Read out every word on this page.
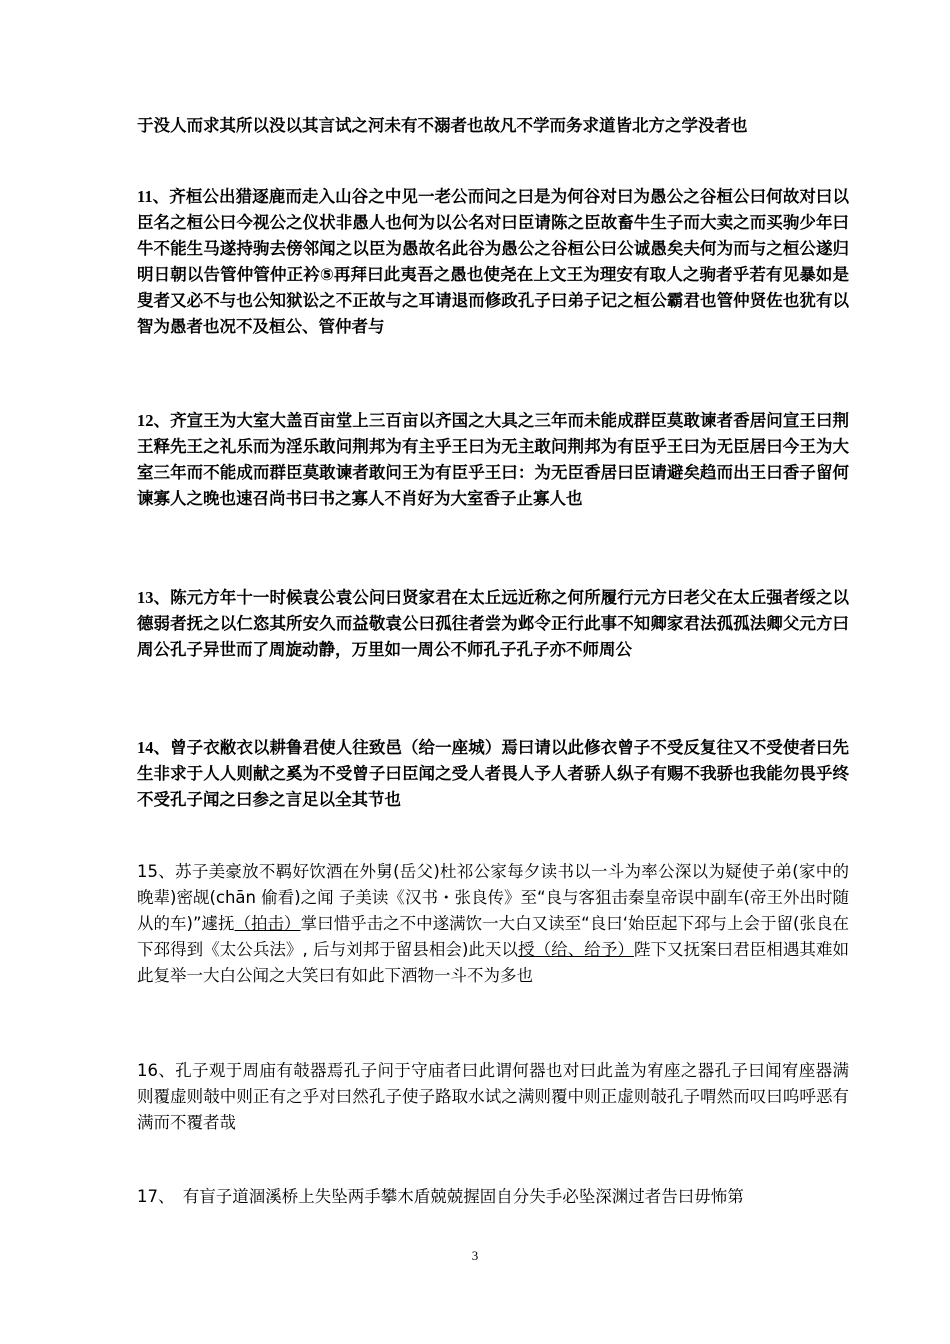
于没人而求其所以没以其言试之河未有不溺者也故凡不学而务求道皆北方之学没者也

11、齐桓公出猎逐鹿而走入山谷之中见一老公而问之曰是为何谷对曰为愚公之谷桓公曰何故对曰以臣名之桓公曰今视公之仪状非愚人也何为以公名对曰臣请陈之臣故畜牛生子而大卖之而买驹少年曰牛不能生马遂持驹去傍邻闻之以臣为愚故名此谷为愚公之谷桓公曰公诚愚矣夫何为而与之桓公遂归明日朝以告管仲管仲正衿⑤再拜曰此夷吾之愚也使尧在上文王为理安有取人之驹者乎若有见暴如是叟者又必不与也公知狱讼之不正故与之耳请退而修政孔子曰弟子记之桓公霸君也管仲贤佐也犹有以智为愚者也况不及桓公、管仲者与

12、齐宣王为大室大盖百亩堂上三百亩以齐国之大具之三年而未能成群臣莫敢谏者香居问宣王曰荆王释先王之礼乐而为淫乐敢问荆邦为有主乎王曰为无主敢问荆邦为有臣乎王曰为无臣居曰今王为大室三年而不能成而群臣莫敢谏者敢问王为有臣乎王曰：为无臣香居曰臣请避矣趋而出王曰香子留何谏寡人之晚也速召尚书曰书之寡人不肖好为大室香子止寡人也

13、陈元方年十一时候袁公袁公问曰贤家君在太丘远近称之何所履行元方曰老父在太丘强者绥之以德弱者抚之以仁恣其所安久而益敬袁公曰孤往者尝为邺令正行此事不知卿家君法孤孤法卿父元方曰周公孔子异世而了周旋动静，万里如一周公不师孔子孔子亦不师周公

14、曾子衣敝衣以耕鲁君使人往致邑（给一座城）焉曰请以此修衣曾子不受反复往又不受使者曰先生非求于人人则献之奚为不受曾子曰臣闻之受人者畏人予人者骄人纵子有赐不我骄也我能勿畏乎终不受孔子闻之曰参之言足以全其节也

15、苏子美豪放不羁好饮酒在外舅(岳父)杜祁公家每夕读书以一斗为率公深以为疑使子弟(家中的晚辈)密觇(chān 偷看)之闻 子美读《汉书・张良传》至“良与客狙击秦皇帝误中副车(帝王外出时随从的车)”遽抚（拍击）掌曰惜乎击之不中遂满饮一大白又读至“良曰‘始臣起下邳与上会于留(张良在下邳得到《太公兵法》, 后与刘邦于留县相会)此天以授（给、给予）陛下又抚案曰君臣相遇其难如此复举一大白公闻之大笑曰有如此下酒物一斗不为多也

16、孔子观于周庙有攲器焉孔子问于守庙者曰此谓何器也对曰此盖为宥座之器孔子曰闻宥座器满则覆虚则攲中则正有之乎对曰然孔子使子路取水试之满则覆中则正虚则攲孔子喟然而叹曰呜呼恶有满而不覆者哉

17、　有盲子道涸溪桥上失坠两手攀木盾兢兢握固自分失手必坠深渊过者告曰毋怖第

3
